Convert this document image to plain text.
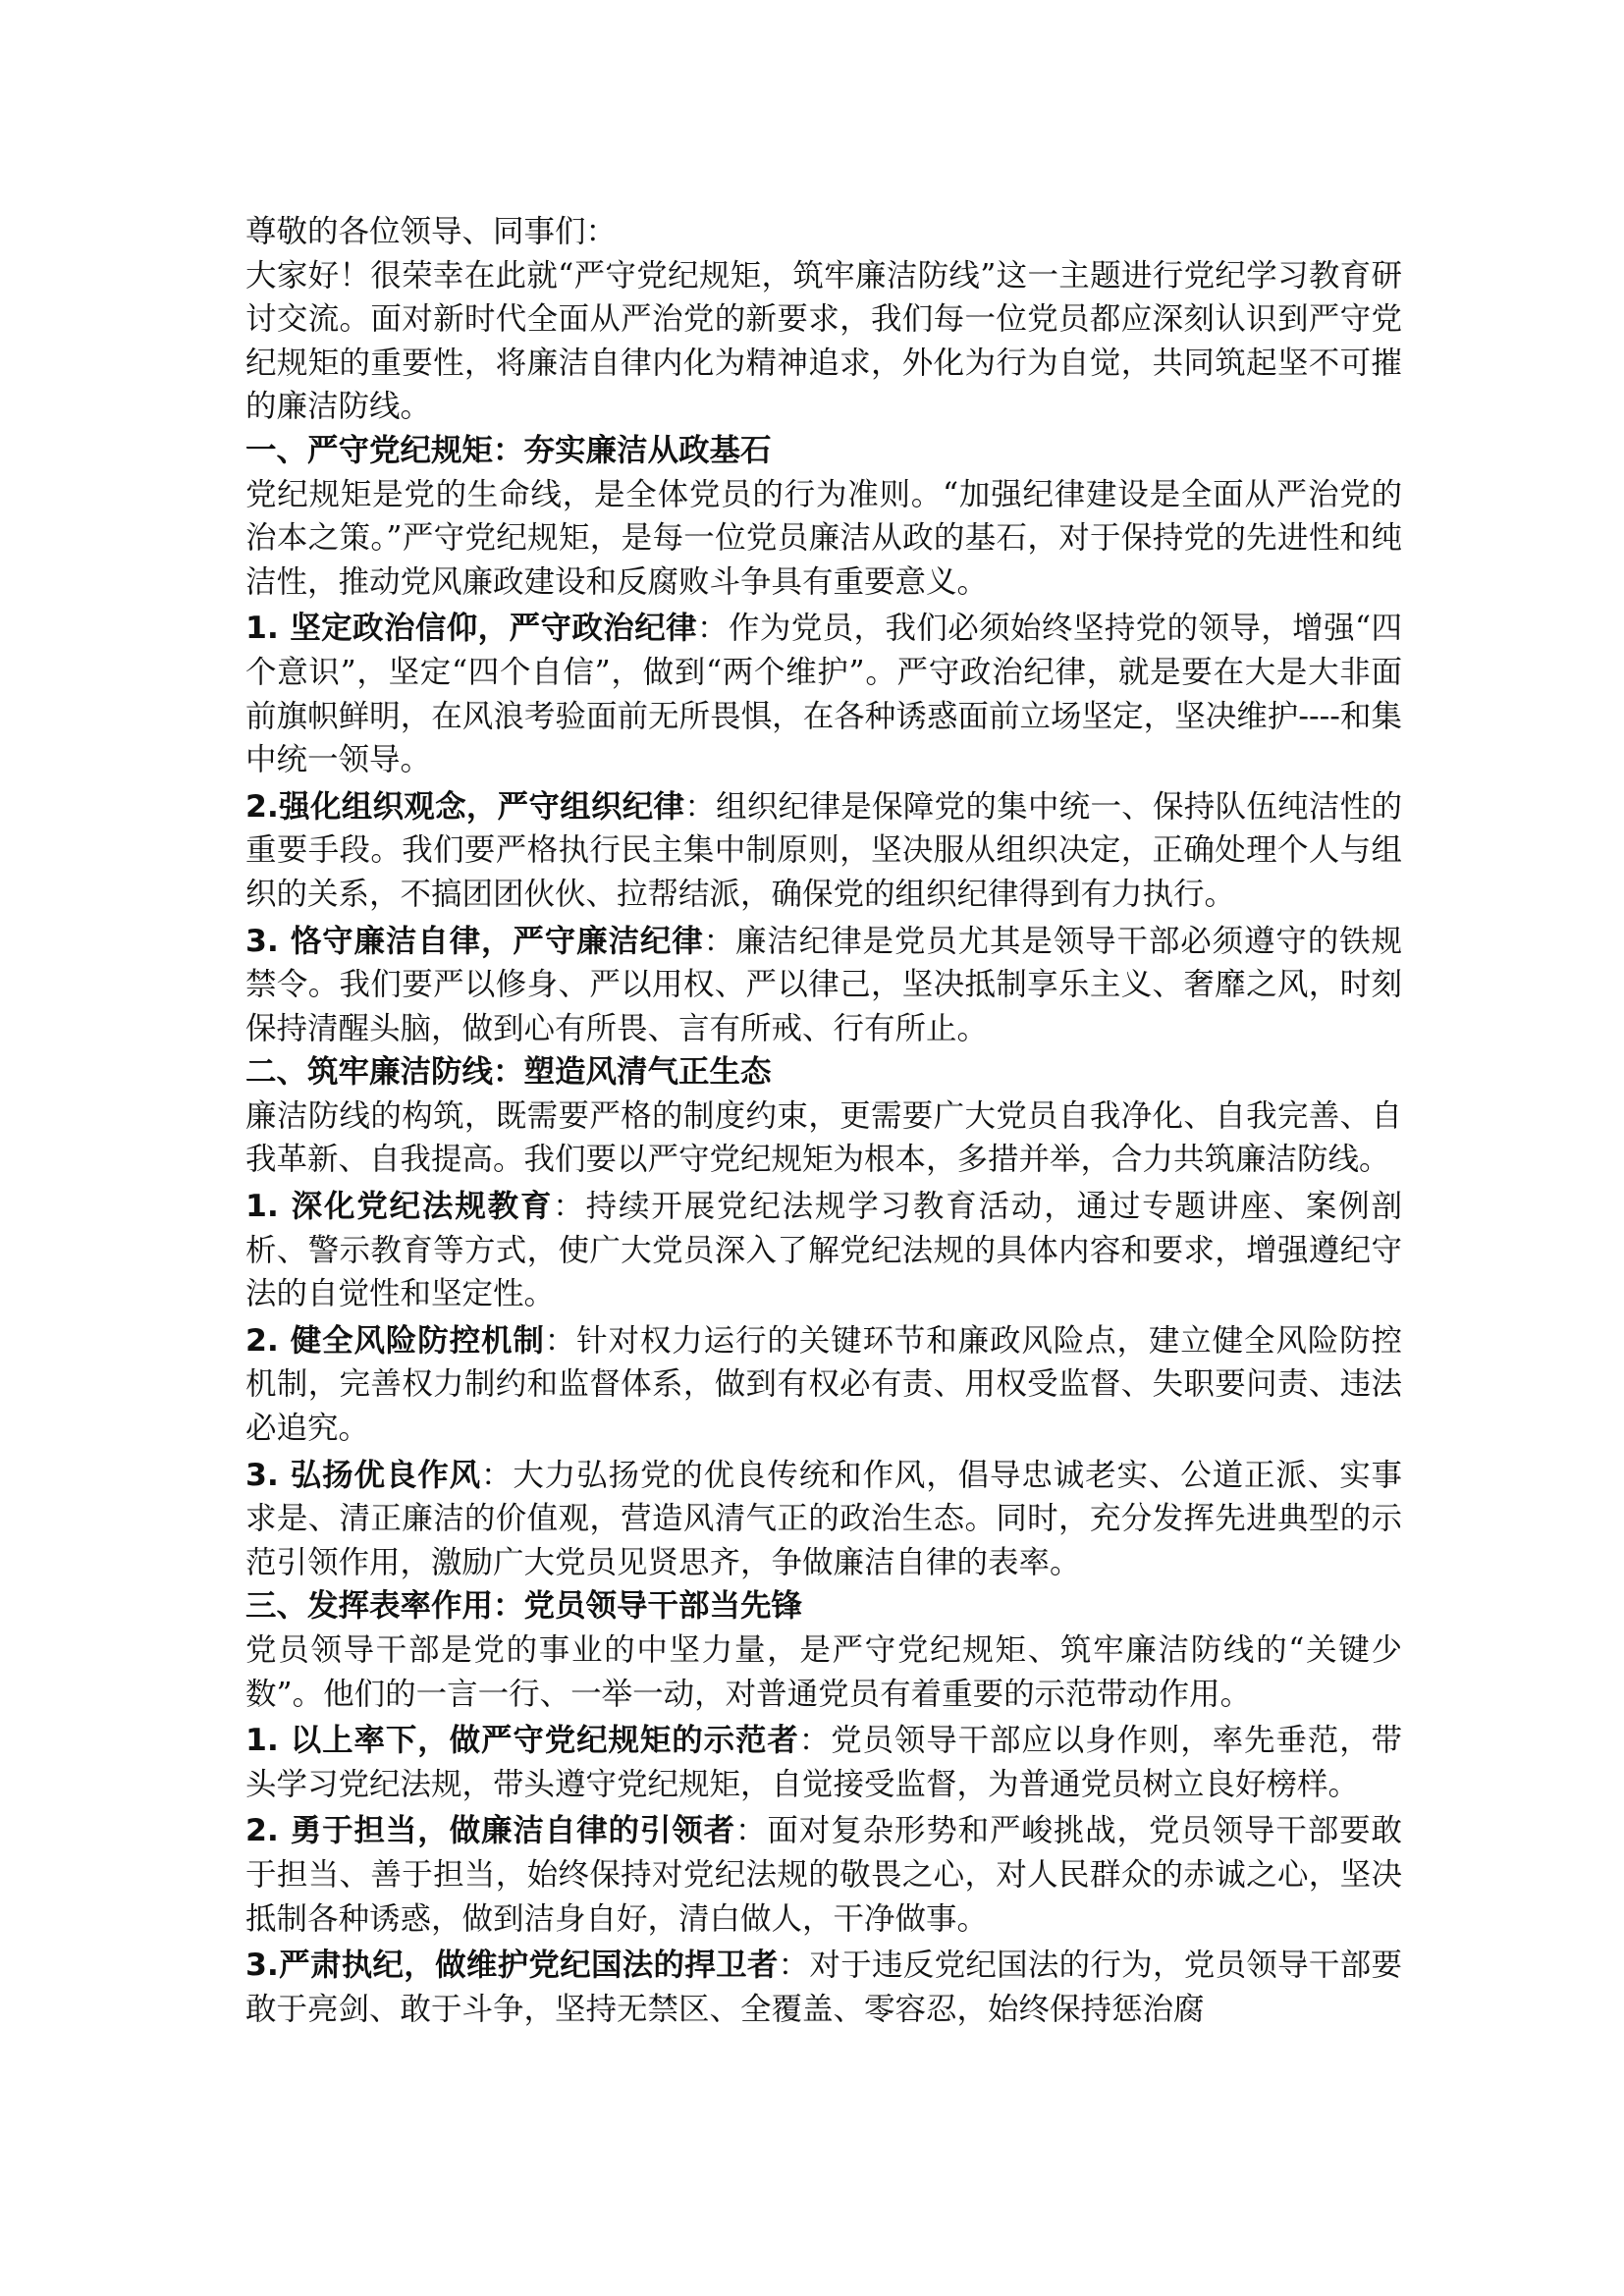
尊敬的各位领导、同事们：

大家好！很荣幸在此就“严守党纪规矩，筑牢廉洁防线”这一主题进行党纪学习教育研讨交流。面对新时代全面从严治党的新要求，我们每一位党员都应深刻认识到严守党纪规矩的重要性，将廉洁自律内化为精神追求，外化为行为自觉，共同筑起坚不可摧的廉洁防线。

一、严守党纪规矩：夯实廉洁从政基石

党纪规矩是党的生命线，是全体党员的行为准则。“加强纪律建设是全面从严治党的治本之策。”严守党纪规矩，是每一位党员廉洁从政的基石，对于保持党的先进性和纯洁性，推动党风廉政建设和反腐败斗争具有重要意义。

1. 坚定政治信仰，严守政治纪律：作为党员，我们必须始终坚持党的领导，增强“四个意识”，坚定“四个自信”，做到“两个维护”。严守政治纪律，就是要在大是大非面前旗帜鲜明，在风浪考验面前无所畏惧，在各种诱惑面前立场坚定，坚决维护----和集中统一领导。

2.强化组织观念，严守组织纪律：组织纪律是保障党的集中统一、保持队伍纯洁性的重要手段。我们要严格执行民主集中制原则，坚决服从组织决定，正确处理个人与组织的关系，不搞团团伙伙、拉帮结派，确保党的组织纪律得到有力执行。

3. 恪守廉洁自律，严守廉洁纪律：廉洁纪律是党员尤其是领导干部必须遵守的铁规禁令。我们要严以修身、严以用权、严以律己，坚决抵制享乐主义、奢靡之风，时刻保持清醒头脑，做到心有所畏、言有所戒、行有所止。

二、筑牢廉洁防线：塑造风清气正生态

廉洁防线的构筑，既需要严格的制度约束，更需要广大党员自我净化、自我完善、自我革新、自我提高。我们要以严守党纪规矩为根本，多措并举，合力共筑廉洁防线。

1. 深化党纪法规教育：持续开展党纪法规学习教育活动，通过专题讲座、案例剖析、警示教育等方式，使广大党员深入了解党纪法规的具体内容和要求，增强遵纪守法的自觉性和坚定性。

2. 健全风险防控机制：针对权力运行的关键环节和廉政风险点，建立健全风险防控机制，完善权力制约和监督体系，做到有权必有责、用权受监督、失职要问责、违法必追究。

3. 弘扬优良作风：大力弘扬党的优良传统和作风，倡导忠诚老实、公道正派、实事求是、清正廉洁的价值观，营造风清气正的政治生态。同时，充分发挥先进典型的示范引领作用，激励广大党员见贤思齐，争做廉洁自律的表率。

三、发挥表率作用：党员领导干部当先锋

党员领导干部是党的事业的中坚力量，是严守党纪规矩、筑牢廉洁防线的“关键少数”。他们的一言一行、一举一动，对普通党员有着重要的示范带动作用。

1. 以上率下，做严守党纪规矩的示范者：党员领导干部应以身作则，率先垂范，带头学习党纪法规，带头遵守党纪规矩，自觉接受监督，为普通党员树立良好榜样。

2. 勇于担当，做廉洁自律的引领者：面对复杂形势和严峻挑战，党员领导干部要敢于担当、善于担当，始终保持对党纪法规的敬畏之心，对人民群众的赤诚之心，坚决抵制各种诱惑，做到洁身自好，清白做人，干净做事。

3.严肃执纪，做维护党纪国法的捍卫者：对于违反党纪国法的行为，党员领导干部要敢于亮剑、敢于斗争，坚持无禁区、全覆盖、零容忍，始终保持惩治腐
